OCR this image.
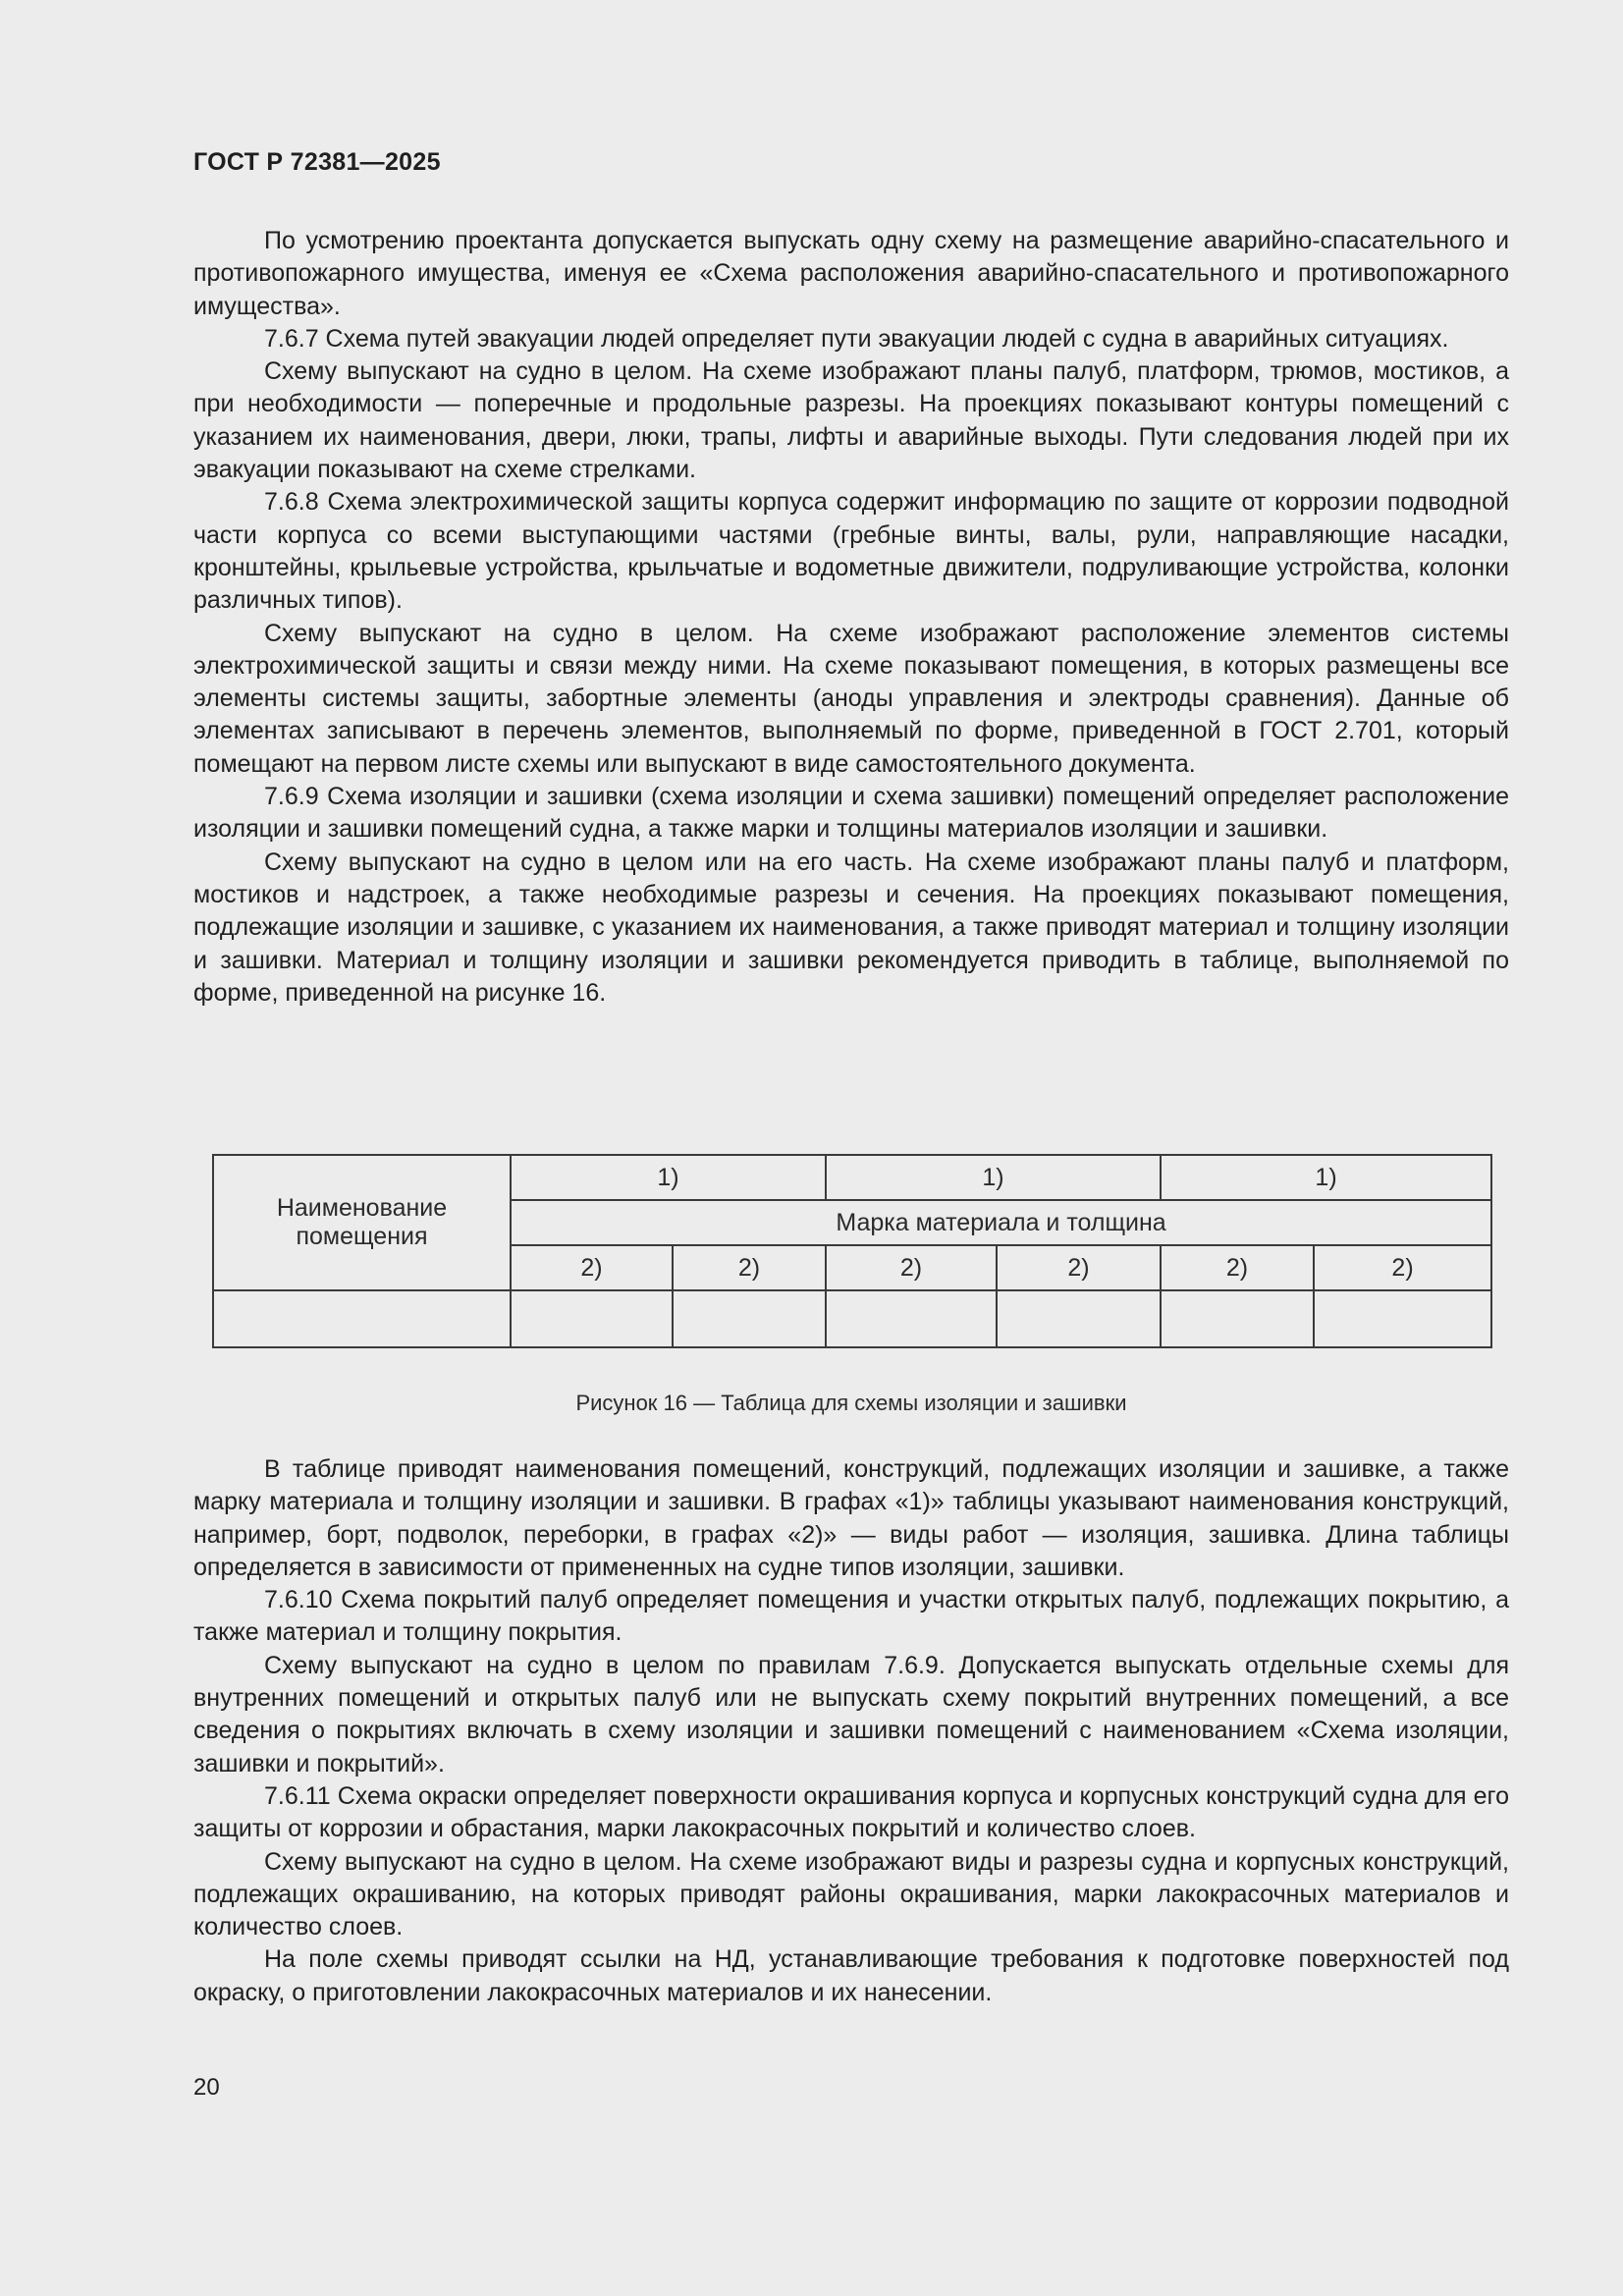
ГОСТ Р 72381—2025

По усмотрению проектанта допускается выпускать одну схему на размещение аварийно-спасательного и противопожарного имущества, именуя ее «Схема расположения аварийно-спасательного и противопожарного имущества».

7.6.7 Схема путей эвакуации людей определяет пути эвакуации людей с судна в аварийных ситуациях.

Схему выпускают на судно в целом. На схеме изображают планы палуб, платформ, трюмов, мостиков, а при необходимости — поперечные и продольные разрезы. На проекциях показывают контуры помещений с указанием их наименования, двери, люки, трапы, лифты и аварийные выходы. Пути следования людей при их эвакуации показывают на схеме стрелками.

7.6.8 Схема электрохимической защиты корпуса содержит информацию по защите от коррозии подводной части корпуса со всеми выступающими частями (гребные винты, валы, рули, направляющие насадки, кронштейны, крыльевые устройства, крыльчатые и водометные движители, подруливающие устройства, колонки различных типов).

Схему выпускают на судно в целом. На схеме изображают расположение элементов системы электрохимической защиты и связи между ними. На схеме показывают помещения, в которых размещены все элементы системы защиты, забортные элементы (аноды управления и электроды сравнения). Данные об элементах записывают в перечень элементов, выполняемый по форме, приведенной в ГОСТ 2.701, который помещают на первом листе схемы или выпускают в виде самостоятельного документа.

7.6.9 Схема изоляции и зашивки (схема изоляции и схема зашивки) помещений определяет расположение изоляции и зашивки помещений судна, а также марки и толщины материалов изоляции и зашивки.

Схему выпускают на судно в целом или на его часть. На схеме изображают планы палуб и платформ, мостиков и надстроек, а также необходимые разрезы и сечения. На проекциях показывают помещения, подлежащие изоляции и зашивке, с указанием их наименования, а также приводят материал и толщину изоляции и зашивки. Материал и толщину изоляции и зашивки рекомендуется приводить в таблице, выполняемой по форме, приведенной на рисунке 16.

Наименование помещения	1)		1)		1)	
	Марка материала и толщина					
	2)	2)	2)	2)	2)	2)

Рисунок 16 — Таблица для схемы изоляции и зашивки

В таблице приводят наименования помещений, конструкций, подлежащих изоляции и зашивке, а также марку материала и толщину изоляции и зашивки. В графах «1)» таблицы указывают наименования конструкций, например, борт, подволок, переборки, в графах «2)» — виды работ — изоляция, зашивка. Длина таблицы определяется в зависимости от примененных на судне типов изоляции, зашивки.

7.6.10 Схема покрытий палуб определяет помещения и участки открытых палуб, подлежащих покрытию, а также материал и толщину покрытия.

Схему выпускают на судно в целом по правилам 7.6.9. Допускается выпускать отдельные схемы для внутренних помещений и открытых палуб или не выпускать схему покрытий внутренних помещений, а все сведения о покрытиях включать в схему изоляции и зашивки помещений с наименованием «Схема изоляции, зашивки и покрытий».

7.6.11 Схема окраски определяет поверхности окрашивания корпуса и корпусных конструкций судна для его защиты от коррозии и обрастания, марки лакокрасочных покрытий и количество слоев.

Схему выпускают на судно в целом. На схеме изображают виды и разрезы судна и корпусных конструкций, подлежащих окрашиванию, на которых приводят районы окрашивания, марки лакокрасочных материалов и количество слоев.

На поле схемы приводят ссылки на НД, устанавливающие требования к подготовке поверхностей под окраску, о приготовлении лакокрасочных материалов и их нанесении.

20
